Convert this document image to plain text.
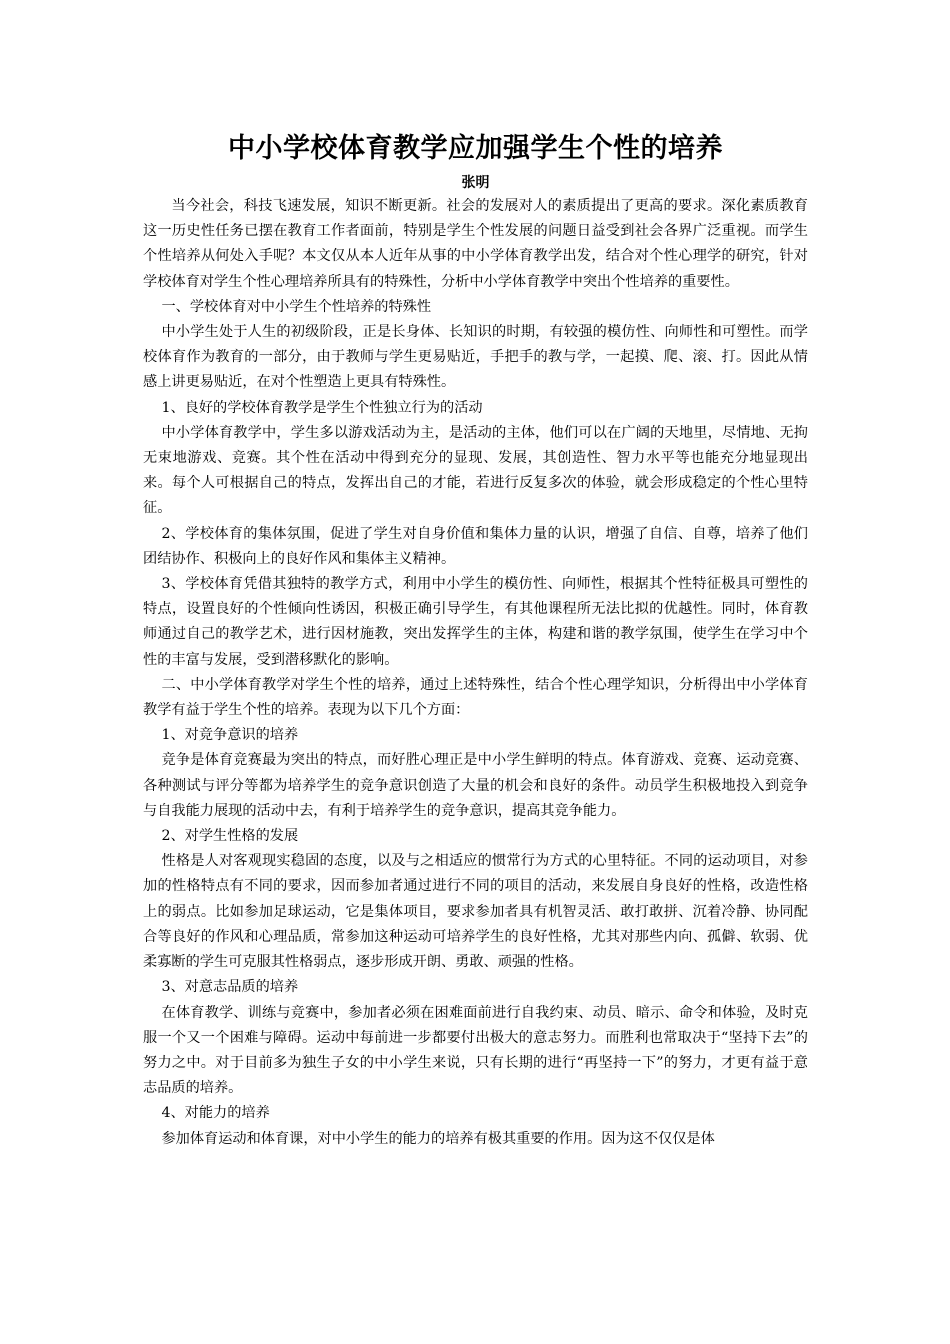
中小学校体育教学应加强学生个性的培养
张明

当今社会，科技飞速发展，知识不断更新。社会的发展对人的素质提出了更高的要求。深化素质教育这一历史性任务已摆在教育工作者面前，特别是学生个性发展的问题日益受到社会各界广泛重视。而学生个性培养从何处入手呢？本文仅从本人近年从事的中小学体育教学出发，结合对个性心理学的研究，针对学校体育对学生个性心理培养所具有的特殊性，分析中小学体育教学中突出个性培养的重要性。

一、学校体育对中小学生个性培养的特殊性

中小学生处于人生的初级阶段，正是长身体、长知识的时期，有较强的模仿性、向师性和可塑性。而学校体育作为教育的一部分，由于教师与学生更易贴近，手把手的教与学，一起摸、爬、滚、打。因此从情感上讲更易贴近，在对个性塑造上更具有特殊性。

1、良好的学校体育教学是学生个性独立行为的活动

中小学体育教学中，学生多以游戏活动为主，是活动的主体，他们可以在广阔的天地里，尽情地、无拘无束地游戏、竞赛。其个性在活动中得到充分的显现、发展，其创造性、智力水平等也能充分地显现出来。每个人可根据自己的特点，发挥出自己的才能，若进行反复多次的体验，就会形成稳定的个性心里特征。

2、学校体育的集体氛围，促进了学生对自身价值和集体力量的认识，增强了自信、自尊，培养了他们团结协作、积极向上的良好作风和集体主义精神。

3、学校体育凭借其独特的教学方式，利用中小学生的模仿性、向师性，根据其个性特征极具可塑性的特点，设置良好的个性倾向性诱因，积极正确引导学生，有其他课程所无法比拟的优越性。同时，体育教师通过自己的教学艺术，进行因材施教，突出发挥学生的主体，构建和谐的教学氛围，使学生在学习中个性的丰富与发展，受到潜移默化的影响。

二、中小学体育教学对学生个性的培养，通过上述特殊性，结合个性心理学知识，分析得出中小学体育教学有益于学生个性的培养。表现为以下几个方面：

1、对竞争意识的培养

竞争是体育竞赛最为突出的特点，而好胜心理正是中小学生鲜明的特点。体育游戏、竞赛、运动竞赛、各种测试与评分等都为培养学生的竞争意识创造了大量的机会和良好的条件。动员学生积极地投入到竞争与自我能力展现的活动中去，有利于培养学生的竞争意识，提高其竞争能力。

2、对学生性格的发展

性格是人对客观现实稳固的态度，以及与之相适应的惯常行为方式的心里特征。不同的运动项目，对参加的性格特点有不同的要求，因而参加者通过进行不同的项目的活动，来发展自身良好的性格，改造性格上的弱点。比如参加足球运动，它是集体项目，要求参加者具有机智灵活、敢打敢拼、沉着冷静、协同配合等良好的作风和心理品质，常参加这种运动可培养学生的良好性格，尤其对那些内向、孤僻、软弱、优柔寡断的学生可克服其性格弱点，逐步形成开朗、勇敢、顽强的性格。

3、对意志品质的培养

在体育教学、训练与竞赛中，参加者必须在困难面前进行自我约束、动员、暗示、命令和体验，及时克服一个又一个困难与障碍。运动中每前进一步都要付出极大的意志努力。而胜利也常取决于“坚持下去”的努力之中。对于目前多为独生子女的中小学生来说，只有长期的进行“再坚持一下”的努力，才更有益于意志品质的培养。

4、对能力的培养

参加体育运动和体育课，对中小学生的能力的培养有极其重要的作用。因为这不仅仅是体
